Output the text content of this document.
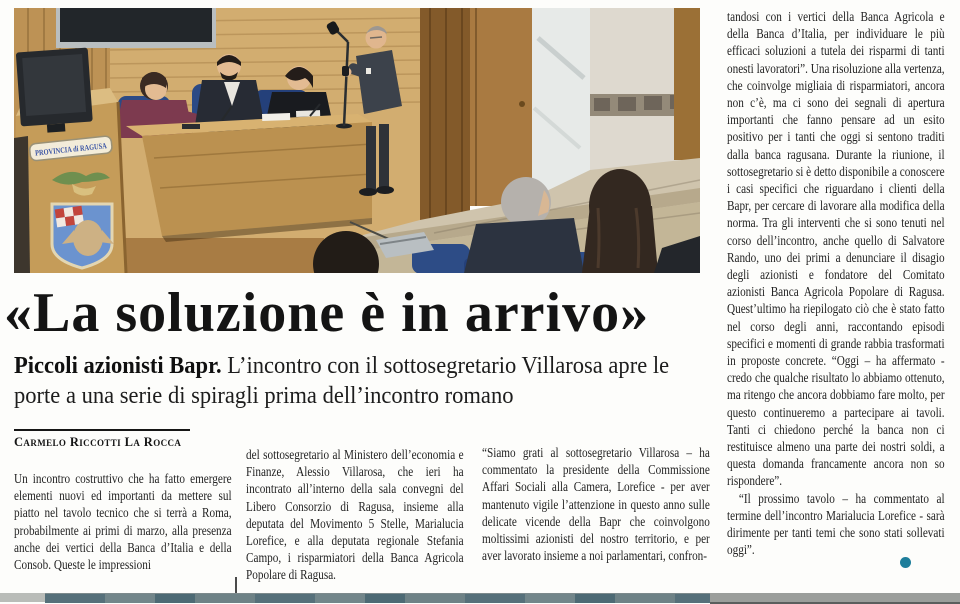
PROVINCIA di RAGUSA
«La soluzione è in arrivo»

Piccoli azionisti Bapr. L’incontro con il sottosegretario Villarosa apre le porte a una serie di spiragli prima dell’incontro romano

Carmelo Riccotti La Rocca
Un incontro costruttivo che ha fatto emergere elementi nuovi ed importanti da mettere sul piatto nel tavolo tecnico che si terrà a Roma, probabilmente ai primi di marzo, alla presenza anche dei vertici della Banca d’Italia e della Consob. Queste le impressioni
del sottosegretario al Ministero dell’economia e Finanze, Alessio Villarosa, che ieri ha incontrato all’interno della sala convegni del Libero Consorzio di Ragusa, insieme alla deputata del Movimento 5 Stelle, Marialucia Lorefice, e alla deputata regionale Stefania Campo, i risparmiatori della Banca Agricola Popolare di Ragusa.
“Siamo grati al sottosegretario Villarosa – ha commentato la presidente della Commissione Affari Sociali alla Camera, Lorefice - per aver mantenuto vigile l’attenzione in questo anno sulle delicate vicende della Bapr che coinvolgono moltissimi azionisti del nostro territorio, e per aver lavorato insieme a noi parlamentari, confron-
tandosi con i vertici della Banca Agricola e della Banca d’Italia, per individuare le più efficaci soluzioni a tutela dei risparmi di tanti onesti lavoratori”. Una risoluzione alla vertenza, che coinvolge migliaia di risparmiatori, ancora non c’è, ma ci sono dei segnali di apertura importanti che fanno pensare ad un esito positivo per i tanti che oggi si sentono traditi dalla banca ragusana. Durante la riunione, il sottosegretario si è detto disponibile a conoscere i casi specifici che riguardano i clienti della Bapr, per cercare di lavorare alla modifica della norma. Tra gli interventi che si sono tenuti nel corso dell’incontro, anche quello di Salvatore Rando, uno dei primi a denunciare il disagio degli azionisti e fondatore del Comitato azionisti Banca Agricola Popolare di Ragusa. Quest’ultimo ha riepilogato ciò che è stato fatto nel corso degli anni, raccontando episodi specifici e momenti di grande rabbia trasformati in proposte concrete. “Oggi – ha affermato - credo che qualche risultato lo abbiamo ottenuto, ma ritengo che ancora dobbiamo fare molto, per questo continueremo a partecipare ai tavoli. Tanti ci chiedono perché la banca non ci restituisce almeno una parte dei nostri soldi, a questa domanda francamente ancora non so rispondere”.
“Il prossimo tavolo – ha commentato al termine dell’incontro Marialucia Lorefice - sarà dirimente per tanti temi che sono stati sollevati oggi”.
